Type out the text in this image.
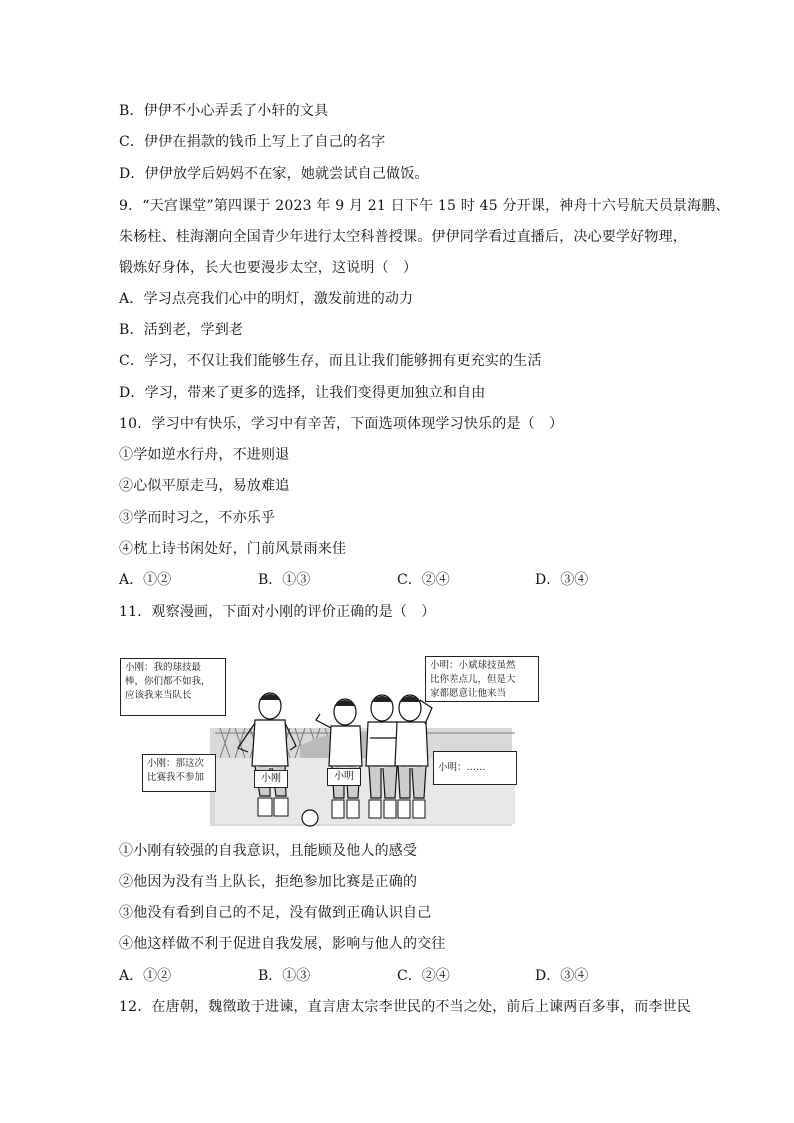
B．伊伊不小心弄丢了小轩的文具
C．伊伊在捐款的钱币上写上了自己的名字
D．伊伊放学后妈妈不在家，她就尝试自己做饭。
9．“天宫课堂”第四课于 2023 年 9 月 21 日下午 15 时 45 分开课，神舟十六号航天员景海鹏、
朱杨柱、桂海潮向全国青少年进行太空科普授课。伊伊同学看过直播后，决心要学好物理，
锻炼好身体，长大也要漫步太空，这说明（　）
A．学习点亮我们心中的明灯，激发前进的动力
B．活到老，学到老
C．学习，不仅让我们能够生存，而且让我们能够拥有更充实的生活
D．学习，带来了更多的选择，让我们变得更加独立和自由
10．学习中有快乐，学习中有辛苦，下面选项体现学习快乐的是（　）
①学如逆水行舟，不进则退
②心似平原走马，易放难追
③学而时习之，不亦乐乎
④枕上诗书闲处好，门前风景雨来佳
A．①②	B．①③	C．②④	D．③④
11．观察漫画，下面对小刚的评价正确的是（　）
小刚：我的球技最
棒，你们都不如我，
应该我来当队长
小刚：那这次
比赛我不参加
小明：小斌球技虽然
比你差点儿，但是大
家都愿意让他来当
小明：……
小刚	小明
①小刚有较强的自我意识，且能顾及他人的感受
②他因为没有当上队长，拒绝参加比赛是正确的
③他没有看到自己的不足，没有做到正确认识自己
④他这样做不利于促进自我发展，影响与他人的交往
A．①②	B．①③	C．②④	D．③④
12．在唐朝，魏徵敢于进谏，直言唐太宗李世民的不当之处，前后上谏两百多事，而李世民
